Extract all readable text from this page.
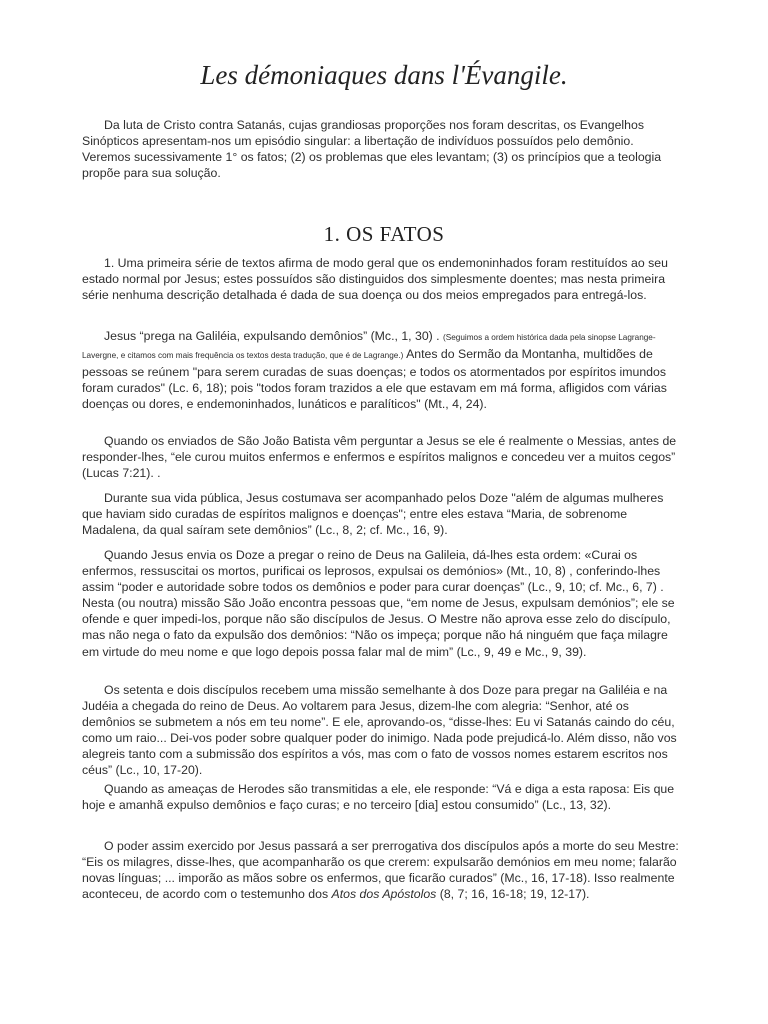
Les démoniaques dans l'Évangile.

Da luta de Cristo contra Satanás, cujas grandiosas proporções nos foram descritas, os Evangelhos Sinópticos apresentam-nos um episódio singular: a libertação de indivíduos possuídos pelo demônio. Veremos sucessivamente 1° os fatos; (2) os problemas que eles levantam; (3) os princípios que a teologia propõe para sua solução.

1. OS FATOS

1. Uma primeira série de textos afirma de modo geral que os endemoninhados foram restituídos ao seu estado normal por Jesus; estes possuídos são distinguidos dos simplesmente doentes; mas nesta primeira série nenhuma descrição detalhada é dada de sua doença ou dos meios empregados para entregá-los.

Jesus “prega na Galiléia, expulsando demônios” (Mc., 1, 30) . (Seguimos a ordem histórica dada pela sinopse Lagrange-Lavergne, e citamos com mais frequência os textos desta tradução, que é de Lagrange.) Antes do Sermão da Montanha, multidões de pessoas se reúnem "para serem curadas de suas doenças; e todos os atormentados por espíritos imundos foram curados" (Lc. 6, 18); pois "todos foram trazidos a ele que estavam em má forma, afligidos com várias doenças ou dores, e endemoninhados, lunáticos e paralíticos" (Mt., 4, 24).

Quando os enviados de São João Batista vêm perguntar a Jesus se ele é realmente o Messias, antes de responder-lhes, “ele curou muitos enfermos e enfermos e espíritos malignos e concedeu ver a muitos cegos” (Lucas 7:21). .

Durante sua vida pública, Jesus costumava ser acompanhado pelos Doze "além de algumas mulheres que haviam sido curadas de espíritos malignos e doenças"; entre eles estava “Maria, de sobrenome Madalena, da qual saíram sete demônios” (Lc., 8, 2; cf. Mc., 16, 9).

Quando Jesus envia os Doze a pregar o reino de Deus na Galileia, dá-lhes esta ordem: «Curai os enfermos, ressuscitai os mortos, purificai os leprosos, expulsai os demónios» (Mt., 10, 8) , conferindo-lhes assim “poder e autoridade sobre todos os demônios e poder para curar doenças” (Lc., 9, 10; cf. Mc., 6, 7) . Nesta (ou noutra) missão São João encontra pessoas que, “em nome de Jesus, expulsam demónios”; ele se ofende e quer impedi-los, porque não são discípulos de Jesus. O Mestre não aprova esse zelo do discípulo, mas não nega o fato da expulsão dos demônios: “Não os impeça; porque não há ninguém que faça milagre em virtude do meu nome e que logo depois possa falar mal de mim” (Lc., 9, 49 e Mc., 9, 39).

Os setenta e dois discípulos recebem uma missão semelhante à dos Doze para pregar na Galiléia e na Judéia a chegada do reino de Deus. Ao voltarem para Jesus, dizem-lhe com alegria: “Senhor, até os demônios se submetem a nós em teu nome”. E ele, aprovando-os, “disse-lhes: Eu vi Satanás caindo do céu, como um raio... Dei-vos poder sobre qualquer poder do inimigo. Nada pode prejudicá-lo. Além disso, não vos alegreis tanto com a submissão dos espíritos a vós, mas com o fato de vossos nomes estarem escritos nos céus” (Lc., 10, 17-20).

Quando as ameaças de Herodes são transmitidas a ele, ele responde: “Vá e diga a esta raposa: Eis que hoje e amanhã expulso demônios e faço curas; e no terceiro [dia] estou consumido” (Lc., 13, 32).

O poder assim exercido por Jesus passará a ser prerrogativa dos discípulos após a morte do seu Mestre: “Eis os milagres, disse-lhes, que acompanharão os que crerem: expulsarão demónios em meu nome; falarão novas línguas; ... imporão as mãos sobre os enfermos, que ficarão curados” (Mc., 16, 17-18). Isso realmente aconteceu, de acordo com o testemunho dos Atos dos Apóstolos (8, 7; 16, 16-18; 19, 12-17).
